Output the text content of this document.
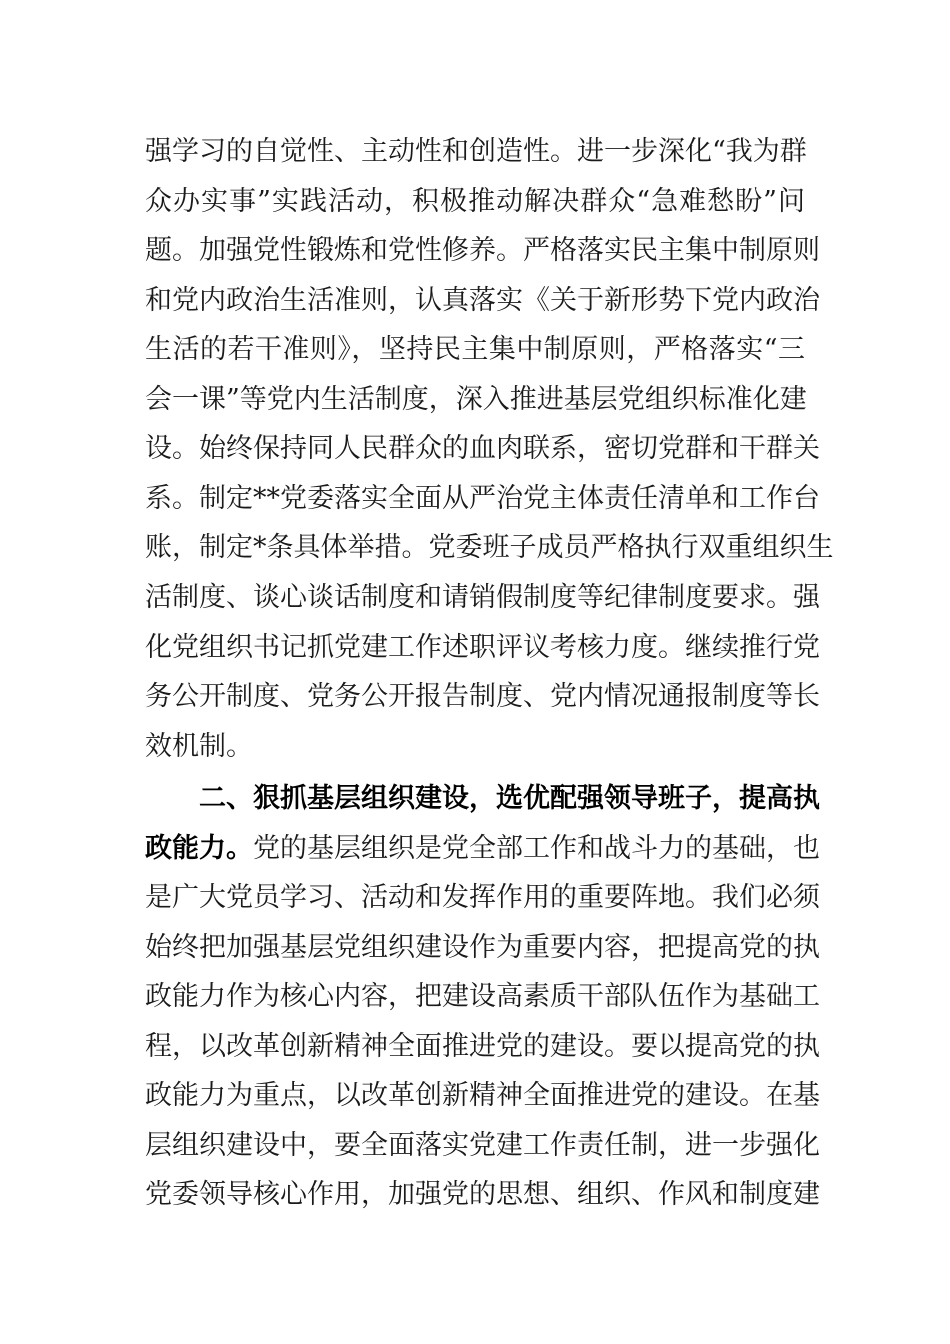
强学习的自觉性、主动性和创造性。进一步深化“我为群
众办实事”实践活动，积极推动解决群众“急难愁盼”问
题。加强党性锻炼和党性修养。严格落实民主集中制原则
和党内政治生活准则，认真落实《关于新形势下党内政治
生活的若干准则》，坚持民主集中制原则，严格落实“三
会一课”等党内生活制度，深入推进基层党组织标准化建
设。始终保持同人民群众的血肉联系，密切党群和干群关
系。制定**党委落实全面从严治党主体责任清单和工作台
账，制定*条具体举措。党委班子成员严格执行双重组织生
活制度、谈心谈话制度和请销假制度等纪律制度要求。强
化党组织书记抓党建工作述职评议考核力度。继续推行党
务公开制度、党务公开报告制度、党内情况通报制度等长
效机制。
二、狠抓基层组织建设，选优配强领导班子，提高执
政能力。党的基层组织是党全部工作和战斗力的基础，也
是广大党员学习、活动和发挥作用的重要阵地。我们必须
始终把加强基层党组织建设作为重要内容，把提高党的执
政能力作为核心内容，把建设高素质干部队伍作为基础工
程，以改革创新精神全面推进党的建设。要以提高党的执
政能力为重点，以改革创新精神全面推进党的建设。在基
层组织建设中，要全面落实党建工作责任制，进一步强化
党委领导核心作用，加强党的思想、组织、作风和制度建
